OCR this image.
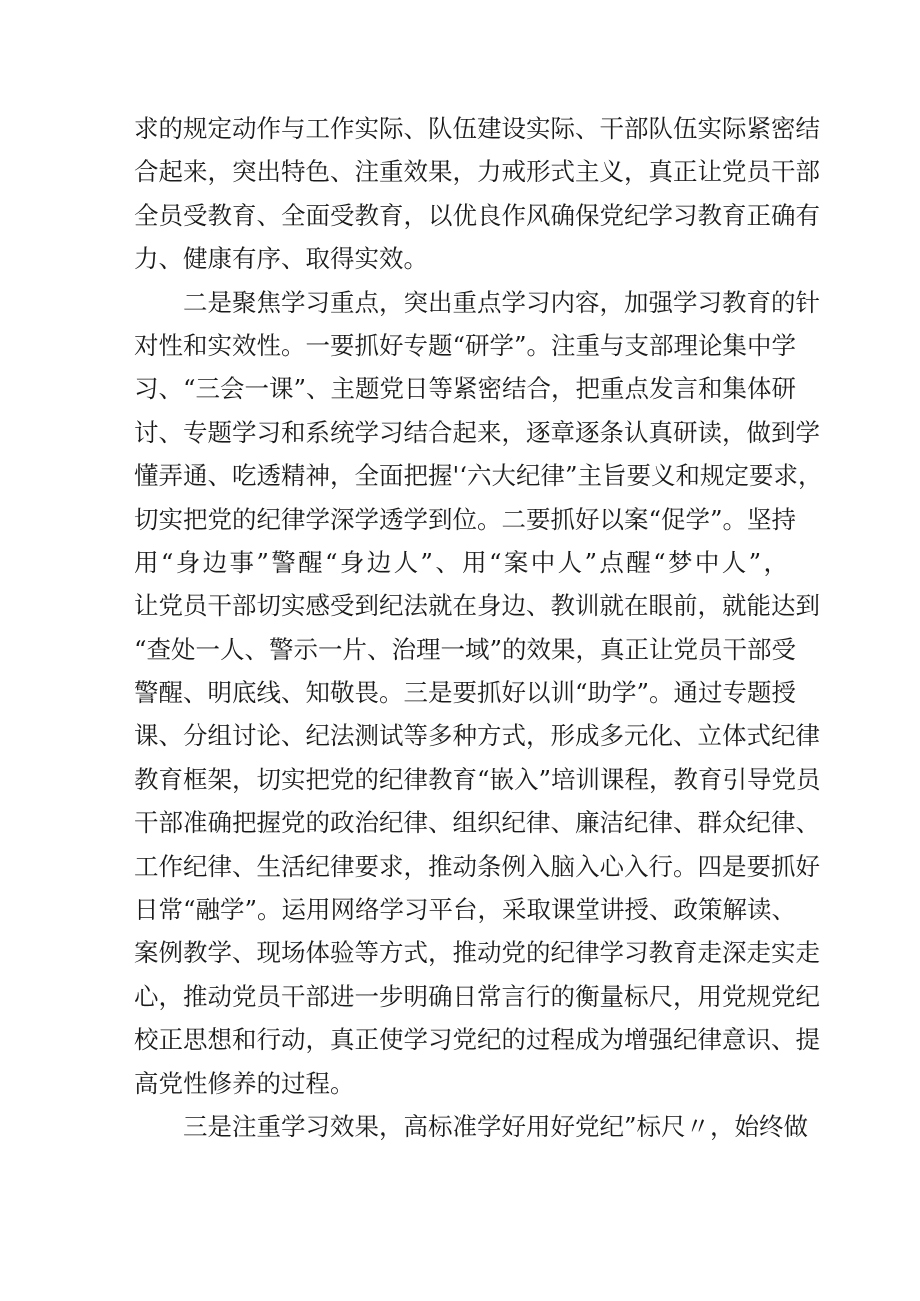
求的规定动作与工作实际、队伍建设实际、干部队伍实际紧密结
合起来，突出特色、注重效果，力戒形式主义，真正让党员干部
全员受教育、全面受教育，以优良作风确保党纪学习教育正确有
力、健康有序、取得实效。
二是聚焦学习重点，突出重点学习内容，加强学习教育的针
对性和实效性。一要抓好专题“研学”。注重与支部理论集中学
习、“三会一课”、主题党日等紧密结合，把重点发言和集体研
讨、专题学习和系统学习结合起来，逐章逐条认真研读，做到学
懂弄通、吃透精神，全面把握'‘六大纪律”主旨要义和规定要求，
切实把党的纪律学深学透学到位。二要抓好以案“促学”。坚持
用“身边事”警醒“身边人”、用“案中人”点醒“梦中人”，
让党员干部切实感受到纪法就在身边、教训就在眼前，就能达到
“查处一人、警示一片、治理一域”的效果，真正让党员干部受
警醒、明底线、知敬畏。三是要抓好以训“助学”。通过专题授
课、分组讨论、纪法测试等多种方式，形成多元化、立体式纪律
教育框架，切实把党的纪律教育“嵌入”培训课程，教育引导党员
干部准确把握党的政治纪律、组织纪律、廉洁纪律、群众纪律、
工作纪律、生活纪律要求，推动条例入脑入心入行。四是要抓好
日常“融学”。运用网络学习平台，采取课堂讲授、政策解读、
案例教学、现场体验等方式，推动党的纪律学习教育走深走实走
心，推动党员干部进一步明确日常言行的衡量标尺，用党规党纪
校正思想和行动，真正使学习党纪的过程成为增强纪律意识、提
高党性修养的过程。
三是注重学习效果，高标准学好用好党纪”标尺〃，始终做
